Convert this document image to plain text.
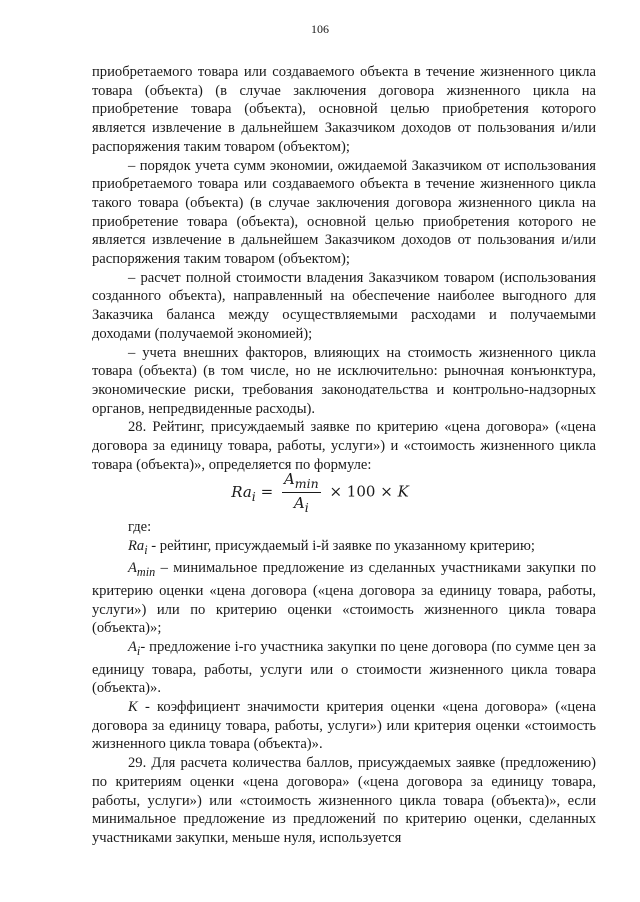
106

приобретаемого товара или создаваемого объекта в течение жизненного цикла товара (объекта) (в случае заключения договора жизненного цикла на приобретение товара (объекта), основной целью приобретения которого является извлечение в дальнейшем Заказчиком доходов от пользования и/или распоряжения таким товаром (объектом);

– порядок учета сумм экономии, ожидаемой Заказчиком от использования приобретаемого товара или создаваемого объекта в течение жизненного цикла такого товара (объекта) (в случае заключения договора жизненного цикла на приобретение товара (объекта), основной целью приобретения которого не является извлечение в дальнейшем Заказчиком доходов от пользования и/или распоряжения таким товаром (объектом);

– расчет полной стоимости владения Заказчиком товаром (использования созданного объекта), направленный на обеспечение наиболее выгодного для Заказчика баланса между осуществляемыми расходами и получаемыми доходами (получаемой экономией);

– учета внешних факторов, влияющих на стоимость жизненного цикла товара (объекта) (в том числе, но не исключительно: рыночная конъюнктура, экономические риски, требования законодательства и контрольно-надзорных органов, непредвиденные расходы).

28. Рейтинг, присуждаемый заявке по критерию «цена договора» («цена договора за единицу товара, работы, услуги») и «стоимость жизненного цикла товара (объекта)», определяется по формуле:

$Ra_i = \frac{A_{min}}{A_i} \times 100 \times K$

где:

$Ra_i$ - рейтинг, присуждаемый i-й заявке по указанному критерию;

$A_{min}$ – минимальное предложение из сделанных участниками закупки по критерию оценки «цена договора («цена договора за единицу товара, работы, услуги») или по критерию оценки «стоимость жизненного цикла товара (объекта)»;

$A_i-$ предложение i-го участника закупки по цене договора (по сумме цен за единицу товара, работы, услуги или о стоимости жизненного цикла товара (объекта)».

K - коэффициент значимости критерия оценки «цена договора» («цена договора за единицу товара, работы, услуги») или критерия оценки «стоимость жизненного цикла товара (объекта)».

29. Для расчета количества баллов, присуждаемых заявке (предложению) по критериям оценки «цена договора» («цена договора за единицу товара, работы, услуги») или «стоимость жизненного цикла товара (объекта)», если минимальное предложение из предложений по критерию оценки, сделанных участниками закупки, меньше нуля, используется
